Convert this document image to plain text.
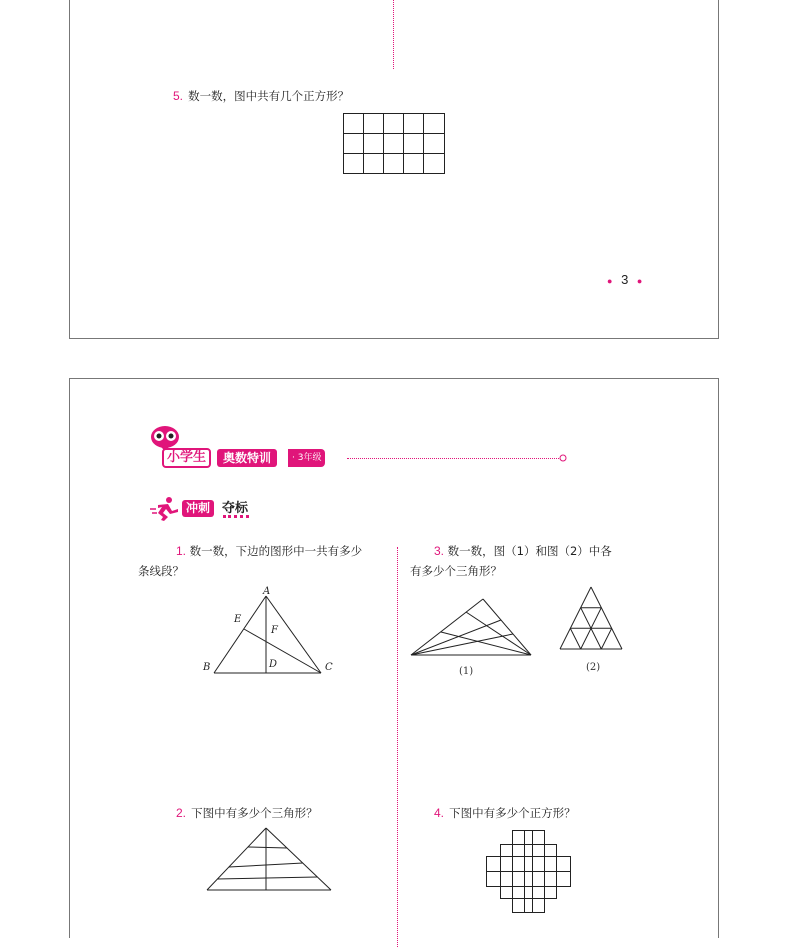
5. 数一数，图中共有几个正方形？
● 3 ●
小学生	奥数特训	· 3年级
冲刺 夺标
1. 数一数，下边的图形中一共有多少
条线段？
A
E
F
B	D	C
3. 数一数，图（1）和图（2）中各
有多少个三角形？
(1)	(2)
2. 下图中有多少个三角形？	4. 下图中有多少个正方形？
